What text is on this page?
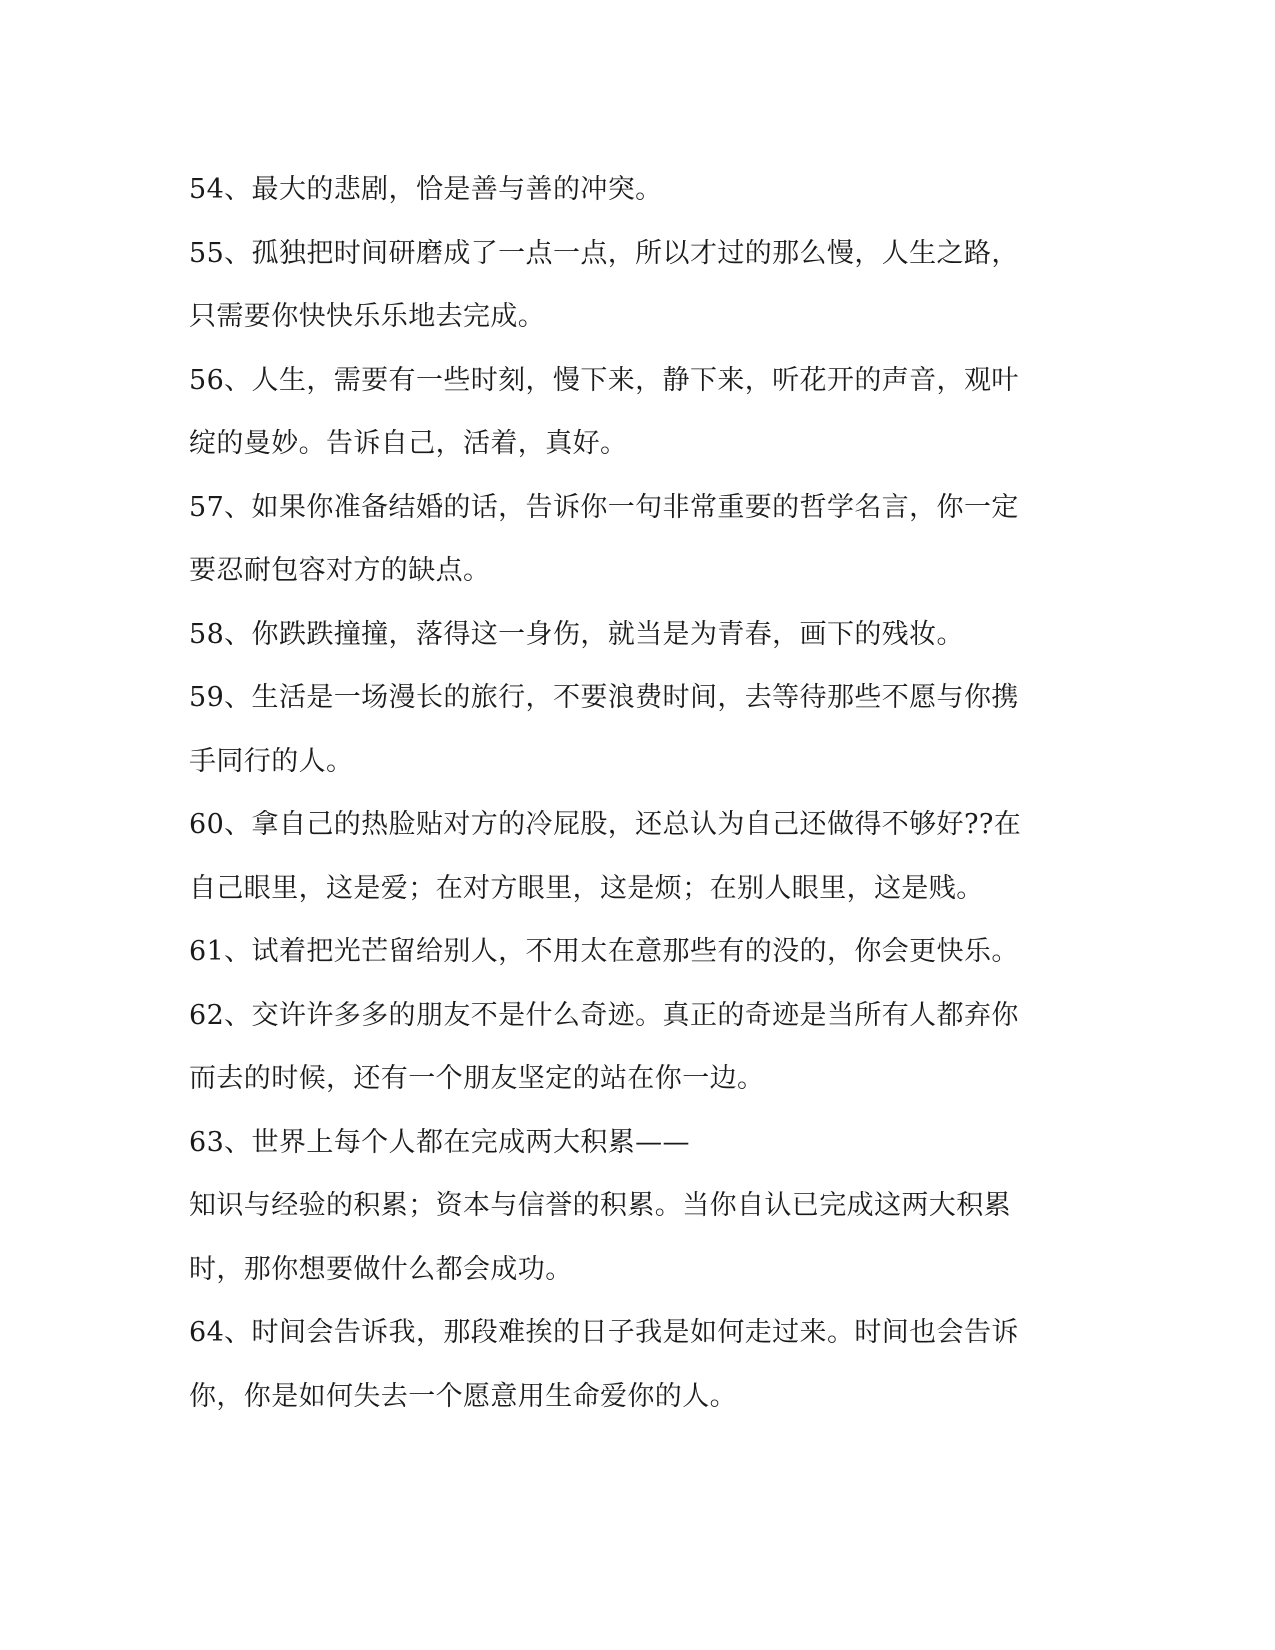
54、最大的悲剧，恰是善与善的冲突。
55、孤独把时间研磨成了一点一点，所以才过的那么慢，人生之路，
只需要你快快乐乐地去完成。
56、人生，需要有一些时刻，慢下来，静下来，听花开的声音，观叶
绽的曼妙。告诉自己，活着，真好。
57、如果你准备结婚的话，告诉你一句非常重要的哲学名言，你一定
要忍耐包容对方的缺点。
58、你跌跌撞撞，落得这一身伤，就当是为青春，画下的残妆。
59、生活是一场漫长的旅行，不要浪费时间，去等待那些不愿与你携
手同行的人。
60、拿自己的热脸贴对方的冷屁股，还总认为自己还做得不够好??在
自己眼里，这是爱；在对方眼里，这是烦；在别人眼里，这是贱。
61、试着把光芒留给别人，不用太在意那些有的没的，你会更快乐。
62、交许许多多的朋友不是什么奇迹。真正的奇迹是当所有人都弃你
而去的时候，还有一个朋友坚定的站在你一边。
63、世界上每个人都在完成两大积累——
知识与经验的积累；资本与信誉的积累。当你自认已完成这两大积累
时，那你想要做什么都会成功。
64、时间会告诉我，那段难挨的日子我是如何走过来。时间也会告诉
你，你是如何失去一个愿意用生命爱你的人。
